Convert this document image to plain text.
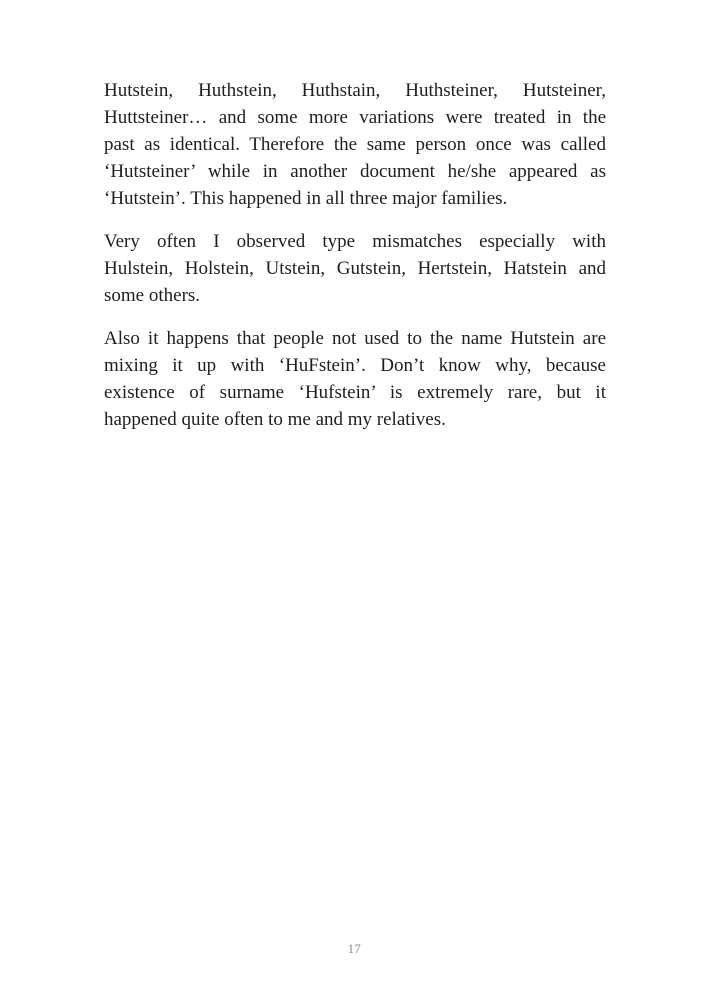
Hutstein, Huthstein, Huthstain, Huthsteiner, Hutsteiner,
Huttsteiner… and some more variations were treated in the
past as identical. Therefore the same person once was called
‘Hutsteiner’ while in another document he/she appeared as
‘Hutstein’. This happened in all three major families.
Very often I observed type mismatches especially with
Hulstein, Holstein, Utstein, Gutstein, Hertstein, Hatstein and
some others.
Also it happens that people not used to the name Hutstein are
mixing it up with ‘HuFstein’. Don’t know why, because
existence of surname ‘Hufstein’ is extremely rare, but it
happened quite often to me and my relatives.
17
